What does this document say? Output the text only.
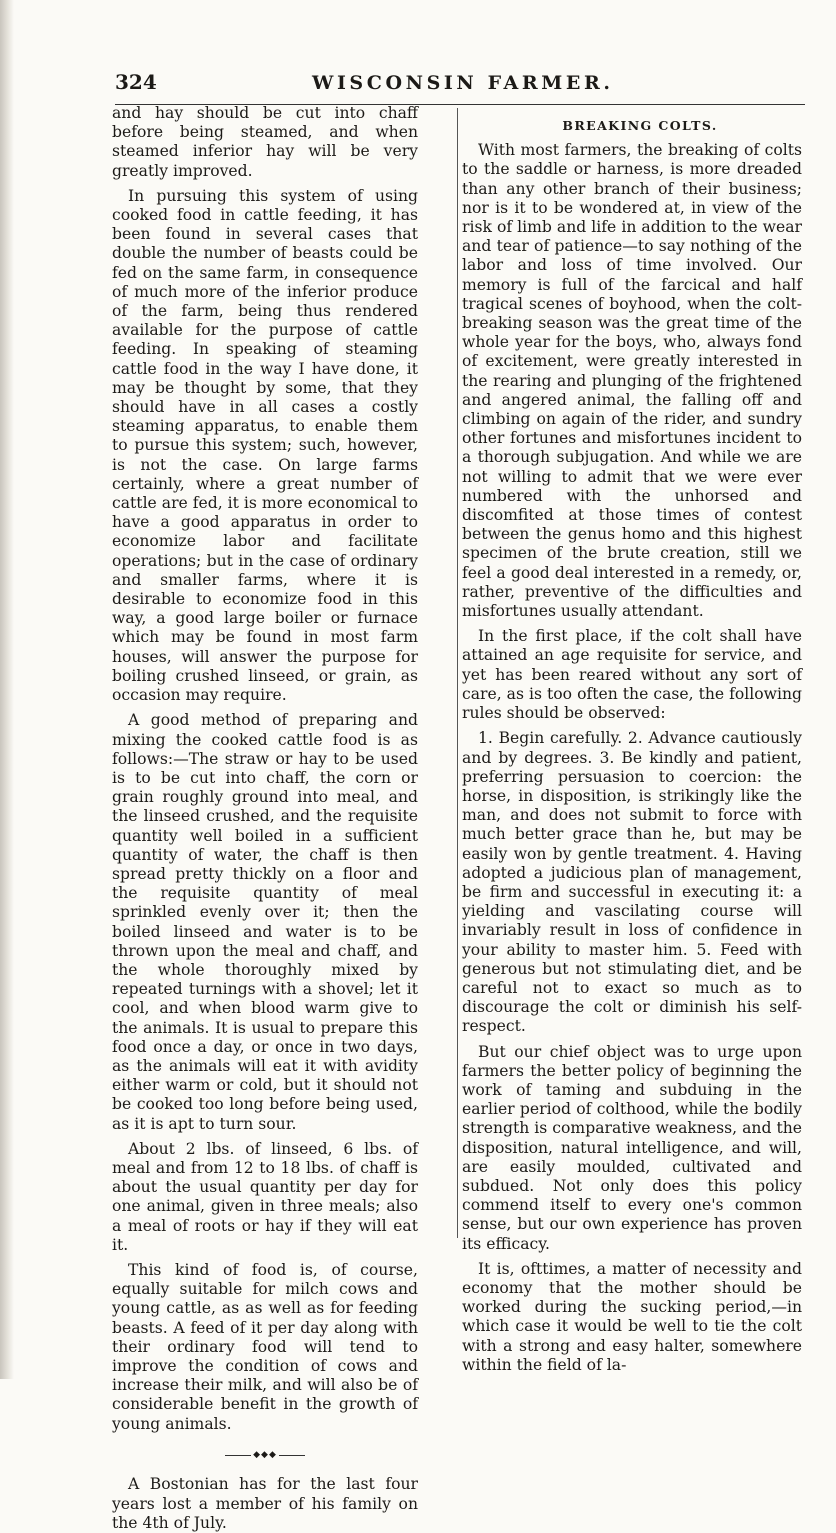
324	WISCONSIN FARMER.

and hay should be cut into chaff before being steamed, and when steamed inferior hay will be very greatly improved.

In pursuing this system of using cooked food in cattle feeding, it has been found in several cases that double the number of beasts could be fed on the same farm, in consequence of much more of the inferior produce of the farm, being thus rendered available for the purpose of cattle feeding. In speaking of steaming cattle food in the way I have done, it may be thought by some, that they should have in all cases a costly steaming apparatus, to enable them to pursue this system; such, however, is not the case. On large farms certainly, where a great number of cattle are fed, it is more economical to have a good apparatus in order to economize labor and facilitate operations; but in the case of ordinary and smaller farms, where it is desirable to economize food in this way, a good large boiler or furnace which may be found in most farm houses, will answer the purpose for boiling crushed linseed, or grain, as occasion may require.

A good method of preparing and mixing the cooked cattle food is as follows:—The straw or hay to be used is to be cut into chaff, the corn or grain roughly ground into meal, and the linseed crushed, and the requisite quantity well boiled in a sufficient quantity of water, the chaff is then spread pretty thickly on a floor and the requisite quantity of meal sprinkled evenly over it; then the boiled linseed and water is to be thrown upon the meal and chaff, and the whole thoroughly mixed by repeated turnings with a shovel; let it cool, and when blood warm give to the animals. It is usual to prepare this food once a day, or once in two days, as the animals will eat it with avidity either warm or cold, but it should not be cooked too long before being used, as it is apt to turn sour.

About 2 lbs. of linseed, 6 lbs. of meal and from 12 to 18 lbs. of chaff is about the usual quantity per day for one animal, given in three meals; also a meal of roots or hay if they will eat it.

This kind of food is, of course, equally suitable for milch cows and young cattle, as as well as for feeding beasts. A feed of it per day along with their ordinary food will tend to improve the condition of cows and increase their milk, and will also be of considerable benefit in the growth of young animals.

◆◆◆

A Bostonian has for the last four years lost a member of his family on the 4th of July.

BREAKING COLTS.

With most farmers, the breaking of colts to the saddle or harness, is more dreaded than any other branch of their business; nor is it to be wondered at, in view of the risk of limb and life in addition to the wear and tear of patience—to say nothing of the labor and loss of time involved. Our memory is full of the farcical and half tragical scenes of boyhood, when the colt-breaking season was the great time of the whole year for the boys, who, always fond of excitement, were greatly interested in the rearing and plunging of the frightened and angered animal, the falling off and climbing on again of the rider, and sundry other fortunes and misfortunes incident to a thorough subjugation. And while we are not willing to admit that we were ever numbered with the unhorsed and discomfited at those times of contest between the genus homo and this highest specimen of the brute creation, still we feel a good deal interested in a remedy, or, rather, preventive of the difficulties and misfortunes usually attendant.

In the first place, if the colt shall have attained an age requisite for service, and yet has been reared without any sort of care, as is too often the case, the following rules should be observed:

1. Begin carefully. 2. Advance cautiously and by degrees. 3. Be kindly and patient, preferring persuasion to coercion: the horse, in disposition, is strikingly like the man, and does not submit to force with much better grace than he, but may be easily won by gentle treatment. 4. Having adopted a judicious plan of management, be firm and successful in executing it: a yielding and vascilating course will invariably result in loss of confidence in your ability to master him. 5. Feed with generous but not stimulating diet, and be careful not to exact so much as to discourage the colt or diminish his self-respect.

But our chief object was to urge upon farmers the better policy of beginning the work of taming and subduing in the earlier period of colthood, while the bodily strength is comparative weakness, and the disposition, natural intelligence, and will, are easily moulded, cultivated and subdued. Not only does this policy commend itself to every one's common sense, but our own experience has proven its efficacy.

It is, ofttimes, a matter of necessity and economy that the mother should be worked during the sucking period,—in which case it would be well to tie the colt with a strong and easy halter, somewhere within the field of la-
